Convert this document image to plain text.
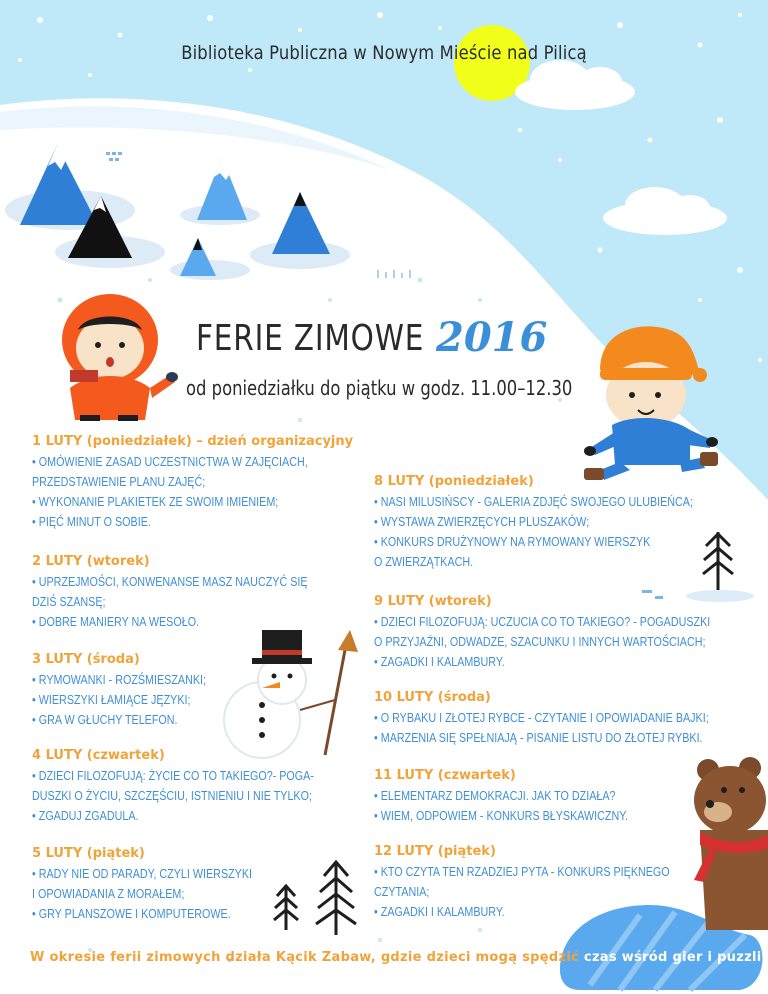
Biblioteka Publiczna w Nowym Mieście nad Pilicą
FERIE ZIMOWE 2016
od poniedziałku do piątku w godz. 11.00–12.30
1 LUTY (poniedziałek) – dzień organizacyjny
• OMÓWIENIE ZASAD UCZESTNICTWA W ZAJĘCIACH,
PRZEDSTAWIENIE PLANU ZAJĘĆ;
• WYKONANIE PLAKIETEK ZE SWOIM IMIENIEM;
• PIĘĆ MINUT O SOBIE.
2 LUTY (wtorek)
• UPRZEJMOŚCI, KONWENANSE MASZ NAUCZYĆ SIĘ
DZIŚ SZANSĘ;
• DOBRE MANIERY NA WESOŁO.
3 LUTY (środa)
• RYMOWANKI - ROZŚMIESZANKI;
• WIERSZYKI ŁAMIĄCE JĘZYKI;
• GRA W GŁUCHY TELEFON.
4 LUTY (czwartek)
• DZIECI FILOZOFUJĄ: ŻYCIE CO TO TAKIEGO?- POGA-
DUSZKI O ŻYCIU, SZCZĘŚCIU, ISTNIENIU I NIE TYLKO;
• ZGADUJ ZGADULA.
5 LUTY (piątek)
• RADY NIE OD PARADY, CZYLI WIERSZYKI
I OPOWIADANIA Z MORAŁEM;
• GRY PLANSZOWE I KOMPUTEROWE.
8 LUTY (poniedziałek)
• NASI MILUSIŃSCY - GALERIA ZDJĘĆ SWOJEGO ULUBIEŃCA;
• WYSTAWA ZWIERZĘCYCH PLUSZAKÓW;
• KONKURS DRUŻYNOWY NA RYMOWANY WIERSZYK
O ZWIERZĄTKACH.
9 LUTY (wtorek)
• DZIECI FILOZOFUJĄ: UCZUCIA CO TO TAKIEGO? - POGADUSZKI
O PRZYJAŹNI, ODWADZE, SZACUNKU I INNYCH WARTOŚCIACH;
• ZAGADKI I KALAMBURY.
10 LUTY (środa)
• O RYBAKU I ZŁOTEJ RYBCE - CZYTANIE I OPOWIADANIE BAJKI;
• MARZENIA SIĘ SPEŁNIAJĄ - PISANIE LISTU DO ZŁOTEJ RYBKI.
11 LUTY (czwartek)
• ELEMENTARZ DEMOKRACJI. JAK TO DZIAŁA?
• WIEM, ODPOWIEM - KONKURS BŁYSKAWICZNY.
12 LUTY (piątek)
• KTO CZYTA TEN RZADZIEJ PYTA - KONKURS PIĘKNEGO
CZYTANIA;
• ZAGADKI I KALAMBURY.
W okresie ferii zimowych działa Kącik Zabaw, gdzie dzieci mogą spędzić czas wśród gier i puzzli.
